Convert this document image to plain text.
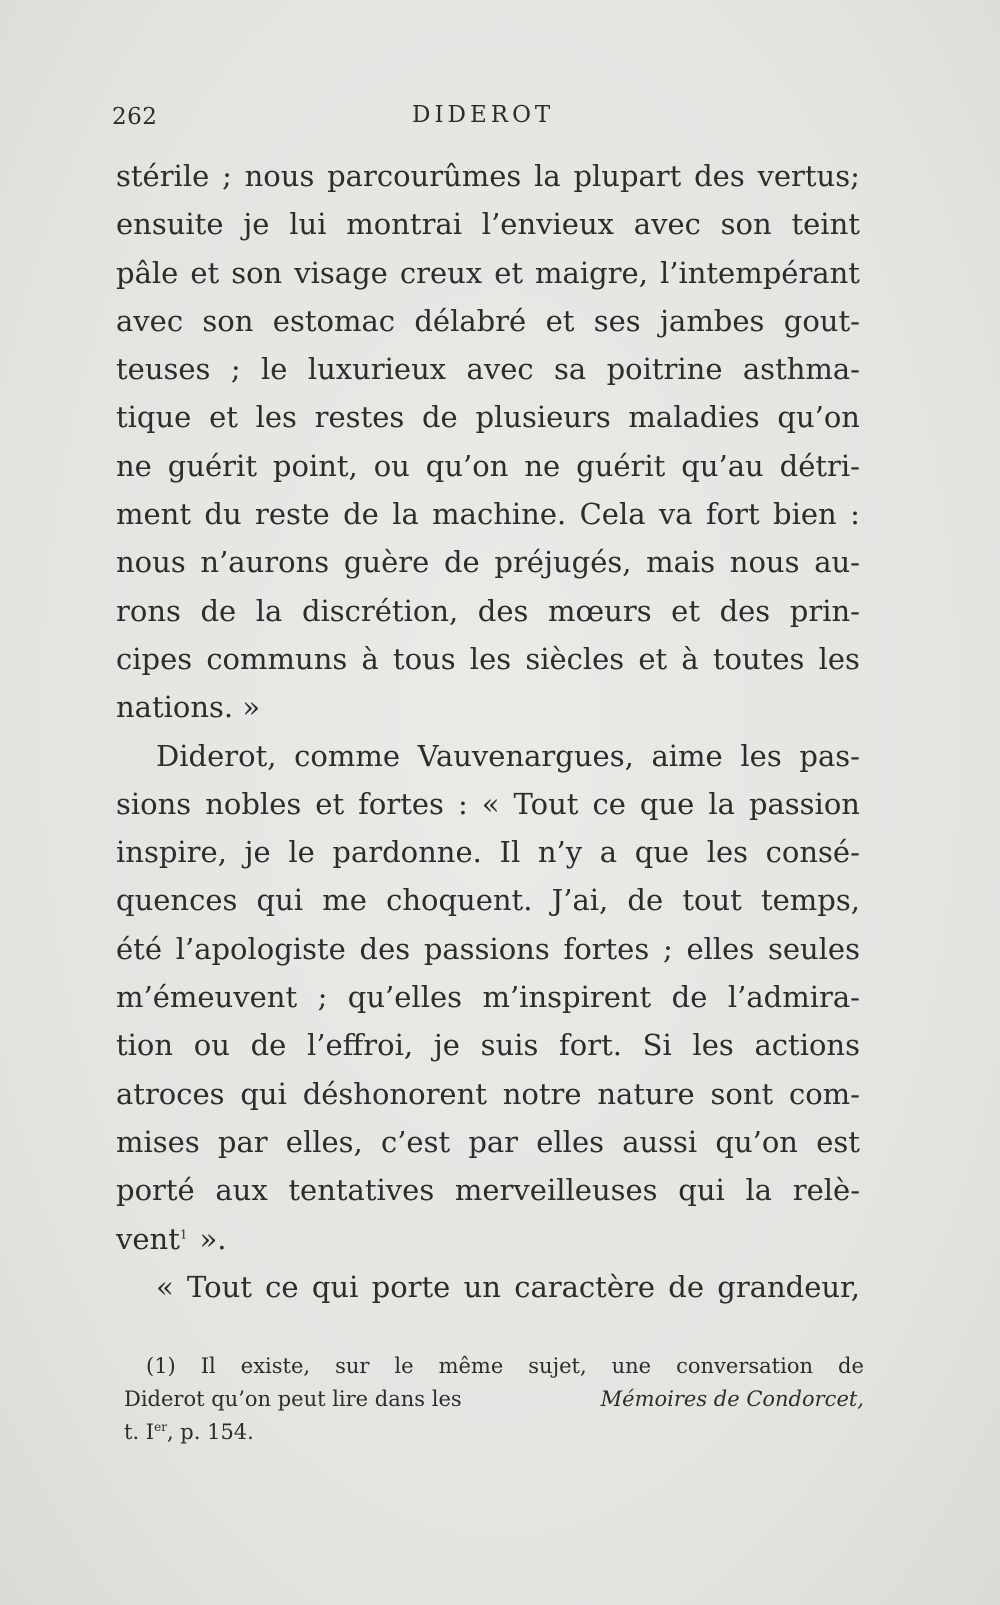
262	DIDEROT
stérile ; nous parcourûmes la plupart des vertus;
ensuite je lui montrai l’envieux avec son teint
pâle et son visage creux et maigre, l’intempérant
avec son estomac délabré et ses jambes gout-
teuses ; le luxurieux avec sa poitrine asthma-
tique et les restes de plusieurs maladies qu’on
ne guérit point, ou qu’on ne guérit qu’au détri-
ment du reste de la machine. Cela va fort bien :
nous n’aurons guère de préjugés, mais nous au-
rons de la discrétion, des mœurs et des prin-
cipes communs à tous les siècles et à toutes les
nations. »
Diderot, comme Vauvenargues, aime les pas-
sions nobles et fortes : « Tout ce que la passion
inspire, je le pardonne. Il n’y a que les consé-
quences qui me choquent. J’ai, de tout temps,
été l’apologiste des passions fortes ; elles seules
m’émeuvent ; qu’elles m’inspirent de l’admira-
tion ou de l’effroi, je suis fort. Si les actions
atroces qui déshonorent notre nature sont com-
mises par elles, c’est par elles aussi qu’on est
porté aux tentatives merveilleuses qui la relè-
vent$^1$ ».
« Tout ce qui porte un caractère de grandeur,
(1) Il existe, sur le même sujet, une conversation de
Diderot qu’on peut lire dans les	Mémoires de Condorcet,
t. Ier, p. 154.
